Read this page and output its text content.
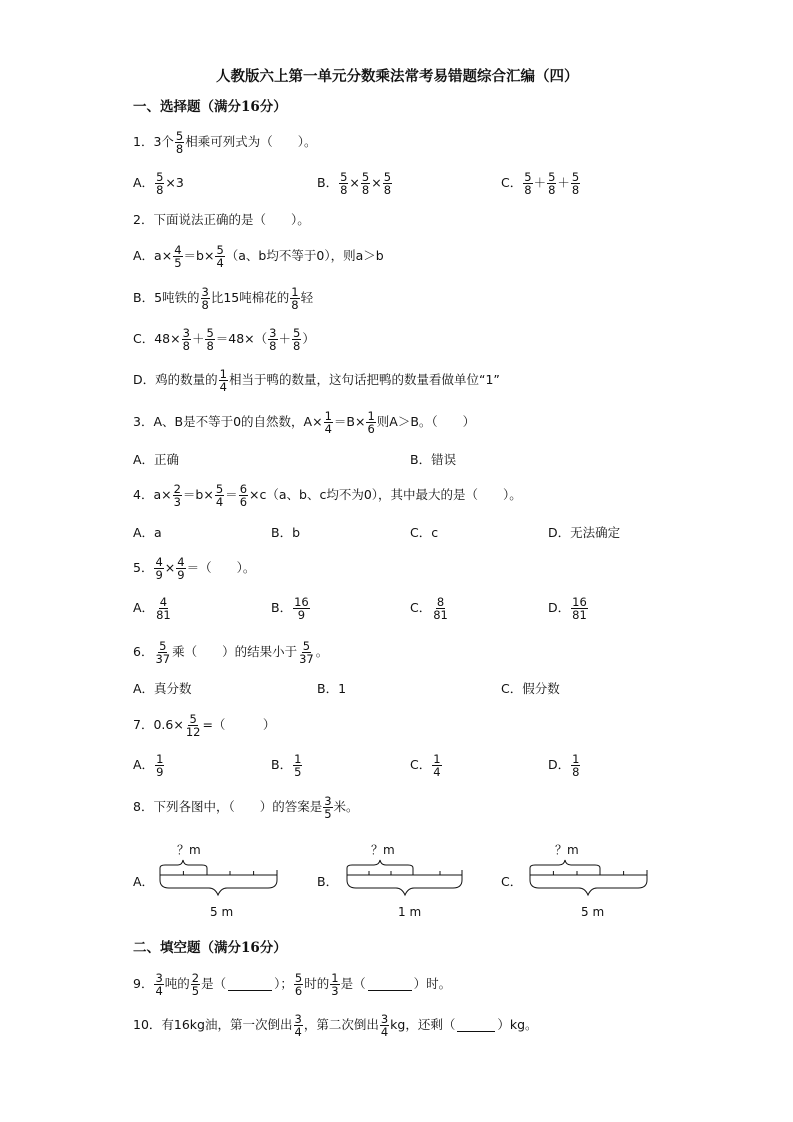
人教版六上第一单元分数乘法常考易错题综合汇编（四）
一、选择题（满分16分）
1．3个 $\frac{5}{8}$ 相乘可列式为（　　）。
A． $\frac{5}{8} \times 3$	B． $\frac{5}{8} \times \frac{5}{8} \times \frac{5}{8}$	C． $\frac{5}{8} + \frac{5}{8} + \frac{5}{8}$
2．下面说法正确的是（　　）。
A．$a\times \frac{4}{5} =b\times \frac{5}{4} (a$、b均不等于0），则a＞b
B．5吨铁的 $\frac{3}{8}$ 比15吨棉花的 $\frac{1}{8}$ 轻
C．$48\times \frac{3}{8} + \frac{5}{8} =48\times( \frac{3}{8} + \frac{5}{8}$ ）
D．鸡的数量的 $\frac{1}{4}$ 相当于鸭的数量，这句话把鸭的数量看做单位“1”
3．A、B是不等于0的自然数，$A\times \frac{1}{4} =B\times \frac{1}{6}$ 则A＞B。（　　）
A．正确	B．错误
4．$a\times \frac{2}{3} =b\times \frac{5}{4} = \frac{6}{6} \times c(a$、b、c均不为0），其中最大的是（　　）。
A．a	B．b	C．c	D．无法确定
5． $\frac{4}{9} \times \frac{4}{9}$ ＝（　　）。
A． $\frac{4}{81}$	B． $\frac{16}{9}$	C． $\frac{8}{81}$	D． $\frac{16}{81}$
6． $\frac{5}{37}$ 乘（　　）的结果小于 $\frac{5}{37}$ 。
A．真分数	B．1	C．假分数
7．$0.6\times \frac{5}{12}$ =（　　　）
A． $\frac{1}{9}$	B． $\frac{1}{5}$	C． $\frac{1}{4}$	D． $\frac{1}{8}$
8．下列各图中，（　　）的答案是 $\frac{3}{5}$ 米。
A．
？m
5 m
B．
？m
1 m
C．
？m
5 m
二、填空题（满分16分）
9． $\frac{3}{4}$ 吨的 $\frac{2}{5}$ 是（	）； $\frac{5}{6}$ 时的 $\frac{1}{3}$ 是（	）时。
10．有16kg油，第一次倒出 $\frac{3}{4}$ ，第二次倒出 $\frac{3}{4}$ kg，还剩（	）kg。
